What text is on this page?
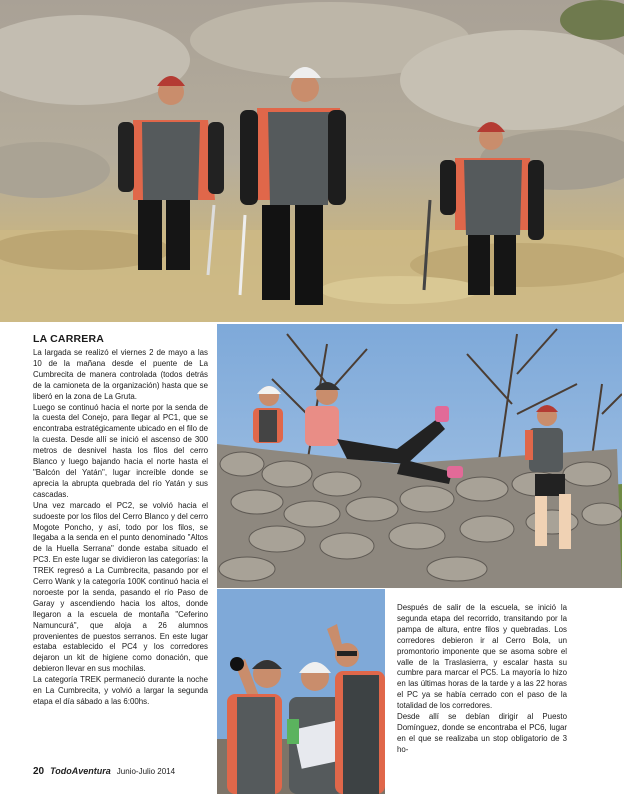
LA CARRERA

La largada se realizó el viernes 2 de mayo a las 10 de la mañana desde el puente de La Cumbrecita de manera controlada (todos detrás de la camioneta de la organización) hasta que se liberó en la zona de La Gruta.

Luego se continuó hacia el norte por la senda de la cuesta del Conejo, para llegar al PC1, que se encontraba estratégicamente ubicado en el filo de la cuesta. Desde allí se inició el ascenso de 300 metros de desnivel hasta los filos del cerro Blanco y luego bajando hacia el norte hasta el "Balcón del Yatán", lugar increíble donde se aprecia la abrupta quebrada del río Yatán y sus cascadas.

Una vez marcado el PC2, se volvió hacia el sudoeste por los filos del Cerro Blanco y del cerro Mogote Poncho, y así, todo por los filos, se llegaba a la senda en el punto denominado "Altos de la Huella Serrana" donde estaba situado el PC3. En este lugar se dividieron las categorías: la TREK regresó a La Cumbrecita, pasando por el Cerro Wank y la categoría 100K continuó hacia el noroeste por la senda, pasando el río Paso de Garay y ascendiendo hacia los altos, donde llegaron a la escuela de montaña "Ceferino Namuncurá", que aloja a 26 alumnos provenientes de puestos serranos. En este lugar estaba establecido el PC4 y los corredores dejaron un kit de higiene como donación, que debieron llevar en sus mochilas.

La categoría TREK permaneció durante la noche en La Cumbrecita, y volvió a largar la segunda etapa el día sábado a las 6:00hs.

Después de salir de la escuela, se inició la segunda etapa del recorrido, transitando por la pampa de altura, entre filos y quebradas. Los corredores debieron ir al Cerro Bola, un promontorio imponente que se asoma sobre el valle de la Traslasierra, y escalar hasta su cumbre para marcar el PC5. La mayoría lo hizo en las últimas horas de la tarde y a las 22 horas el PC ya se había cerrado con el paso de la totalidad de los corredores.

Desde allí se debían dirigir al Puesto Domínguez, donde se encontraba el PC6, lugar en el que se realizaba un stop obligatorio de 3 ho-

20 TodoAventura Junio-Julio 2014
